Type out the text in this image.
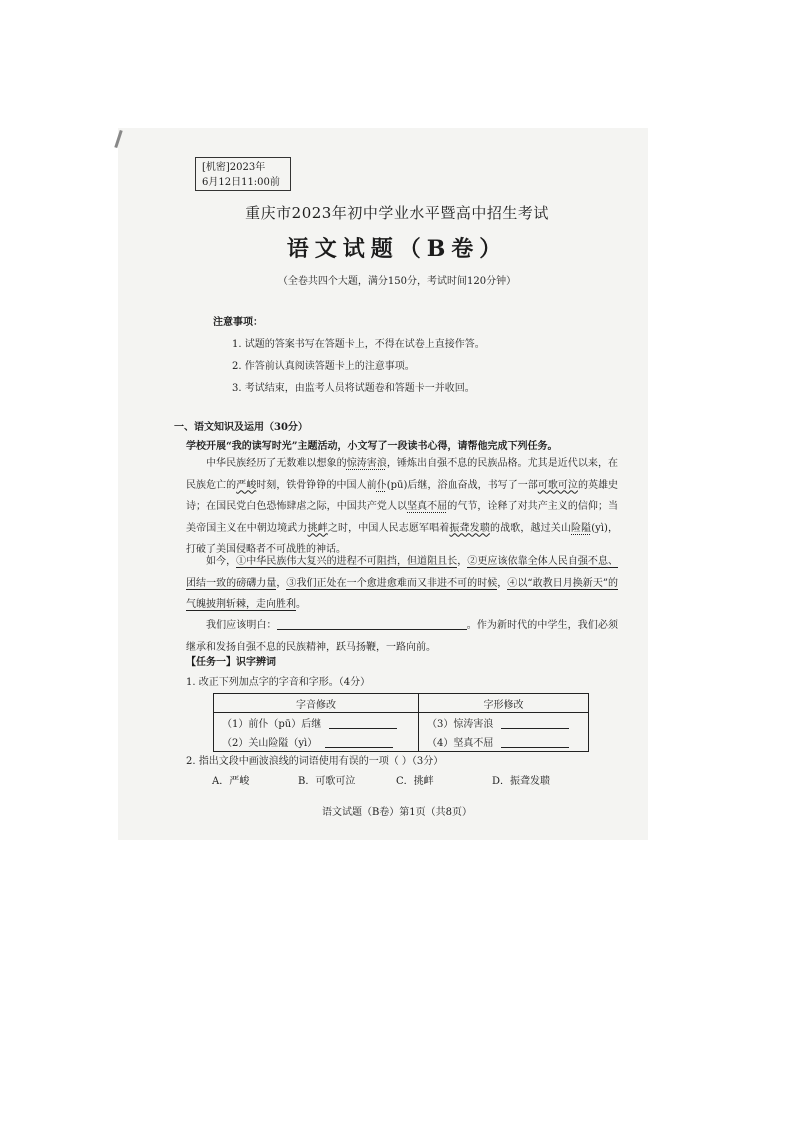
[机密]2023年
6月12日11:00前
重庆市2023年初中学业水平暨高中招生考试
语文试题（B卷）
（全卷共四个大题，满分150分，考试时间120分钟）
注意事项：
1. 试题的答案书写在答题卡上，不得在试卷上直接作答。
2. 作答前认真阅读答题卡上的注意事项。
3. 考试结束，由监考人员将试题卷和答题卡一并收回。
一、语文知识及运用（30分）
学校开展“我的读写时光”主题活动，小文写了一段读书心得，请帮他完成下列任务。
中华民族经历了无数难以想象的惊涛害浪，锤炼出自强不息的民族品格。尤其是近代以来，在民族危亡的严峻时刻，铁骨铮铮的中国人前仆(pū)后继，浴血奋战，书写了一部可歌可泣的英雄史诗；在国民党白色恐怖肆虐之际，中国共产党人以坚真不屈的气节，诠释了对共产主义的信仰；当美帝国主义在中朝边境武力挑衅之时，中国人民志愿军唱着振聋发聩的战歌，越过关山险隘(yì)，打破了美国侵略者不可战胜的神话。
如今，①中华民族伟大复兴的进程不可阻挡，但道阻且长，②更应该依靠全体人民自强不息、团结一致的磅礴力量，③我们正处在一个愈进愈难而又非进不可的时候，④以“敢教日月换新天”的气魄披荆斩棘，走向胜利。
我们应该明白：	。作为新时代的中学生，我们必须继承和发扬自强不息的民族精神，跃马扬鞭，一路向前。
【任务一】识字辨词
1. 改正下列加点字的字音和字形。（4分）
字音修改	字形修改
（1）前仆（pū）后继	（3）惊涛害浪
（2）关山险隘（yì）	（4）坚真不屈
2. 指出文段中画波浪线的词语使用有误的一项（ ）（3分）
A．严峻	B．可歌可泣	C．挑衅	D．振聋发聩
语文试题（B卷）第1页（共8页）
